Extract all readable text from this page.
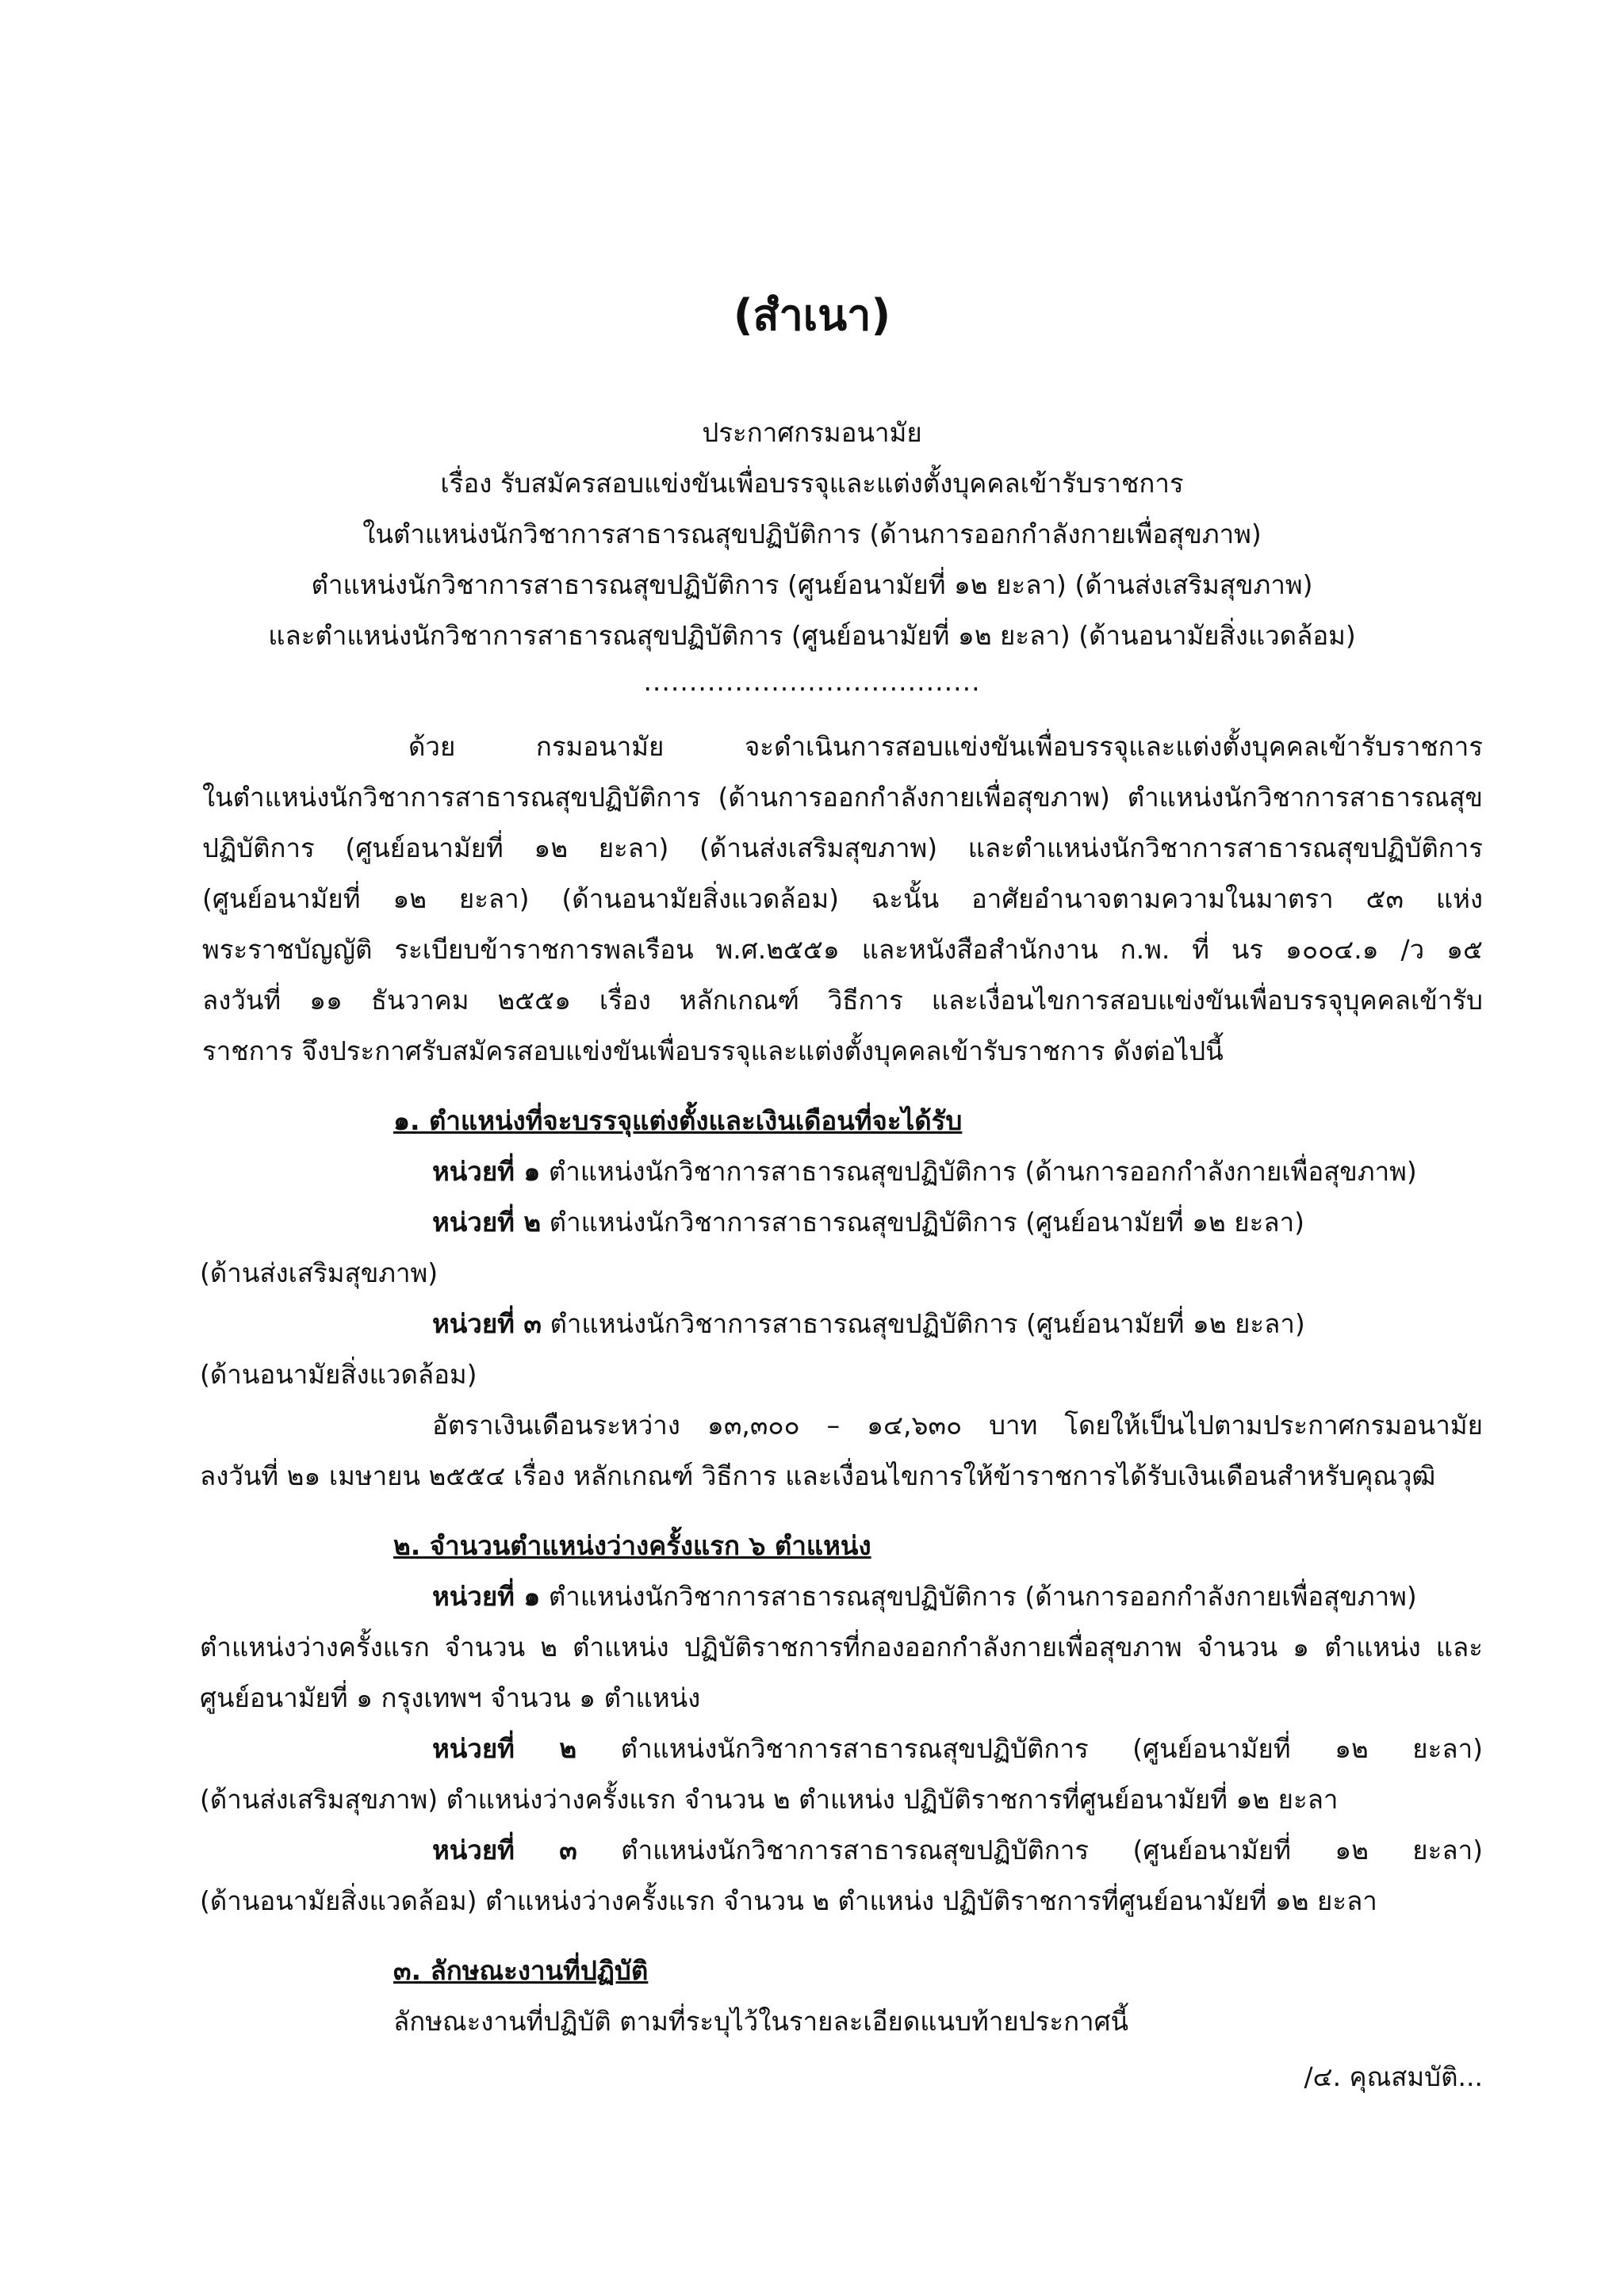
(สำเนา)
ประกาศกรมอนามัย
เรื่อง รับสมัครสอบแข่งขันเพื่อบรรจุและแต่งตั้งบุคคลเข้ารับราชการ
ในตำแหน่งนักวิชาการสาธารณสุขปฏิบัติการ (ด้านการออกกำลังกายเพื่อสุขภาพ)
ตำแหน่งนักวิชาการสาธารณสุขปฏิบัติการ (ศูนย์อนามัยที่ ๑๒ ยะลา) (ด้านส่งเสริมสุขภาพ)
และตำแหน่งนักวิชาการสาธารณสุขปฏิบัติการ (ศูนย์อนามัยที่ ๑๒ ยะลา) (ด้านอนามัยสิ่งแวดล้อม)
.....................................
ด้วย กรมอนามัย จะดำเนินการสอบแข่งขันเพื่อบรรจุและแต่งตั้งบุคคลเข้ารับราชการ
ในตำแหน่งนักวิชาการสาธารณสุขปฏิบัติการ (ด้านการออกกำลังกายเพื่อสุขภาพ) ตำแหน่งนักวิชาการสาธารณสุข
ปฏิบัติการ (ศูนย์อนามัยที่ ๑๒ ยะลา) (ด้านส่งเสริมสุขภาพ) และตำแหน่งนักวิชาการสาธารณสุขปฏิบัติการ
(ศูนย์อนามัยที่ ๑๒ ยะลา) (ด้านอนามัยสิ่งแวดล้อม) ฉะนั้น อาศัยอำนาจตามความในมาตรา ๕๓ แห่ง
พระราชบัญญัติ ระเบียบข้าราชการพลเรือน พ.ศ.๒๕๕๑ และหนังสือสำนักงาน ก.พ. ที่ นร ๑๐๐๔.๑ /ว ๑๕
ลงวันที่ ๑๑ ธันวาคม ๒๕๕๑ เรื่อง หลักเกณฑ์ วิธีการ และเงื่อนไขการสอบแข่งขันเพื่อบรรจุบุคคลเข้ารับ
ราชการ จึงประกาศรับสมัครสอบแข่งขันเพื่อบรรจุและแต่งตั้งบุคคลเข้ารับราชการ ดังต่อไปนี้
๑. ตำแหน่งที่จะบรรจุแต่งตั้งและเงินเดือนที่จะได้รับ
หน่วยที่ ๑ ตำแหน่งนักวิชาการสาธารณสุขปฏิบัติการ (ด้านการออกกำลังกายเพื่อสุขภาพ)
หน่วยที่ ๒ ตำแหน่งนักวิชาการสาธารณสุขปฏิบัติการ (ศูนย์อนามัยที่ ๑๒ ยะลา)
(ด้านส่งเสริมสุขภาพ)
หน่วยที่ ๓ ตำแหน่งนักวิชาการสาธารณสุขปฏิบัติการ (ศูนย์อนามัยที่ ๑๒ ยะลา)
(ด้านอนามัยสิ่งแวดล้อม)
อัตราเงินเดือนระหว่าง ๑๓,๓๐๐ – ๑๔,๖๓๐ บาท โดยให้เป็นไปตามประกาศกรมอนามัย
ลงวันที่ ๒๑ เมษายน ๒๕๕๔ เรื่อง หลักเกณฑ์ วิธีการ และเงื่อนไขการให้ข้าราชการได้รับเงินเดือนสำหรับคุณวุฒิ
๒. จำนวนตำแหน่งว่างครั้งแรก ๖ ตำแหน่ง
หน่วยที่ ๑ ตำแหน่งนักวิชาการสาธารณสุขปฏิบัติการ (ด้านการออกกำลังกายเพื่อสุขภาพ)
ตำแหน่งว่างครั้งแรก จำนวน ๒ ตำแหน่ง ปฏิบัติราชการที่กองออกกำลังกายเพื่อสุขภาพ จำนวน ๑ ตำแหน่ง และ
ศูนย์อนามัยที่ ๑ กรุงเทพฯ จำนวน ๑ ตำแหน่ง
หน่วยที่ ๒ ตำแหน่งนักวิชาการสาธารณสุขปฏิบัติการ (ศูนย์อนามัยที่ ๑๒ ยะลา)
(ด้านส่งเสริมสุขภาพ) ตำแหน่งว่างครั้งแรก จำนวน ๒ ตำแหน่ง ปฏิบัติราชการที่ศูนย์อนามัยที่ ๑๒ ยะลา
หน่วยที่ ๓ ตำแหน่งนักวิชาการสาธารณสุขปฏิบัติการ (ศูนย์อนามัยที่ ๑๒ ยะลา)
(ด้านอนามัยสิ่งแวดล้อม) ตำแหน่งว่างครั้งแรก จำนวน ๒ ตำแหน่ง ปฏิบัติราชการที่ศูนย์อนามัยที่ ๑๒ ยะลา
๓. ลักษณะงานที่ปฏิบัติ
ลักษณะงานที่ปฏิบัติ ตามที่ระบุไว้ในรายละเอียดแนบท้ายประกาศนี้
/๔. คุณสมบัติ...
